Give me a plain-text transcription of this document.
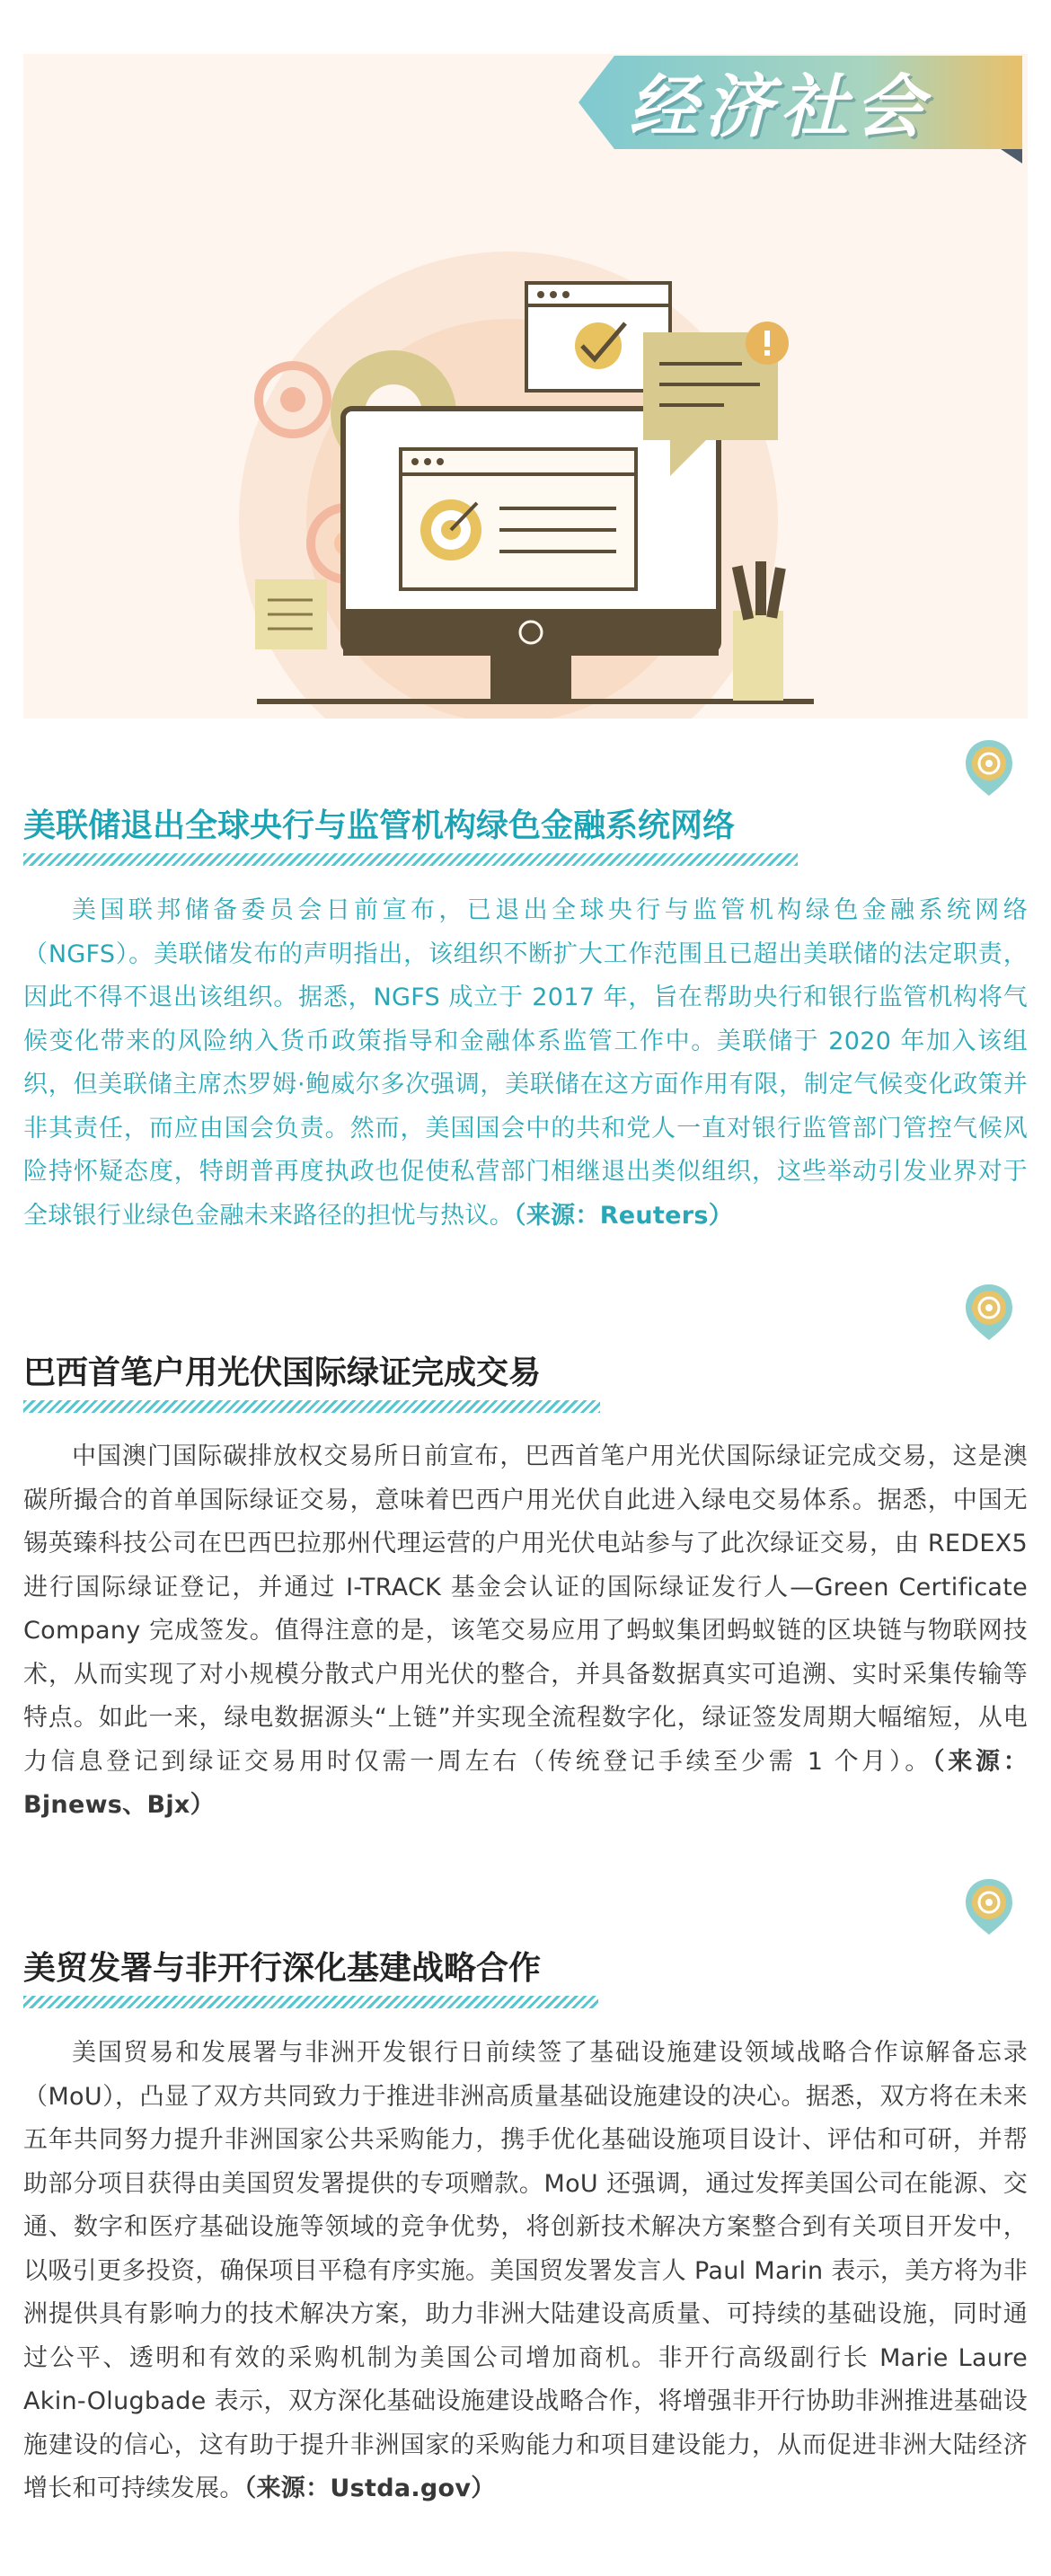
经济社会
美联储退出全球央行与监管机构绿色金融系统网络

美国联邦储备委员会日前宣布，已退出全球央行与监管机构绿色金融系统网络（NGFS）。美联储发布的声明指出，该组织不断扩大工作范围且已超出美联储的法定职责，因此不得不退出该组织。据悉，NGFS 成立于 2017 年，旨在帮助央行和银行监管机构将气候变化带来的风险纳入货币政策指导和金融体系监管工作中。美联储于 2020 年加入该组织，但美联储主席杰罗姆·鲍威尔多次强调，美联储在这方面作用有限，制定气候变化政策并非其责任，而应由国会负责。然而，美国国会中的共和党人一直对银行监管部门管控气候风险持怀疑态度，特朗普再度执政也促使私营部门相继退出类似组织，这些举动引发业界对于全球银行业绿色金融未来路径的担忧与热议。（来源：Reuters）

巴西首笔户用光伏国际绿证完成交易

中国澳门国际碳排放权交易所日前宣布，巴西首笔户用光伏国际绿证完成交易，这是澳碳所撮合的首单国际绿证交易，意味着巴西户用光伏自此进入绿电交易体系。据悉，中国无锡英臻科技公司在巴西巴拉那州代理运营的户用光伏电站参与了此次绿证交易，由 REDEX5 进行国际绿证登记，并通过 I-TRACK 基金会认证的国际绿证发行人—Green Certificate Company 完成签发。值得注意的是，该笔交易应用了蚂蚁集团蚂蚁链的区块链与物联网技术，从而实现了对小规模分散式户用光伏的整合，并具备数据真实可追溯、实时采集传输等特点。如此一来，绿电数据源头“上链”并实现全流程数字化，绿证签发周期大幅缩短，从电力信息登记到绿证交易用时仅需一周左右（传统登记手续至少需 1 个月）。（来源：Bjnews、Bjx）

美贸发署与非开行深化基建战略合作

美国贸易和发展署与非洲开发银行日前续签了基础设施建设领域战略合作谅解备忘录（MoU），凸显了双方共同致力于推进非洲高质量基础设施建设的决心。据悉，双方将在未来五年共同努力提升非洲国家公共采购能力，携手优化基础设施项目设计、评估和可研，并帮助部分项目获得由美国贸发署提供的专项赠款。MoU 还强调，通过发挥美国公司在能源、交通、数字和医疗基础设施等领域的竞争优势，将创新技术解决方案整合到有关项目开发中，以吸引更多投资，确保项目平稳有序实施。美国贸发署发言人 Paul Marin 表示，美方将为非洲提供具有影响力的技术解决方案，助力非洲大陆建设高质量、可持续的基础设施，同时通过公平、透明和有效的采购机制为美国公司增加商机。非开行高级副行长 Marie Laure Akin-Olugbade 表示，双方深化基础设施建设战略合作，将增强非开行协助非洲推进基础设施建设的信心，这有助于提升非洲国家的采购能力和项目建设能力，从而促进非洲大陆经济增长和可持续发展。（来源：Ustda.gov）
